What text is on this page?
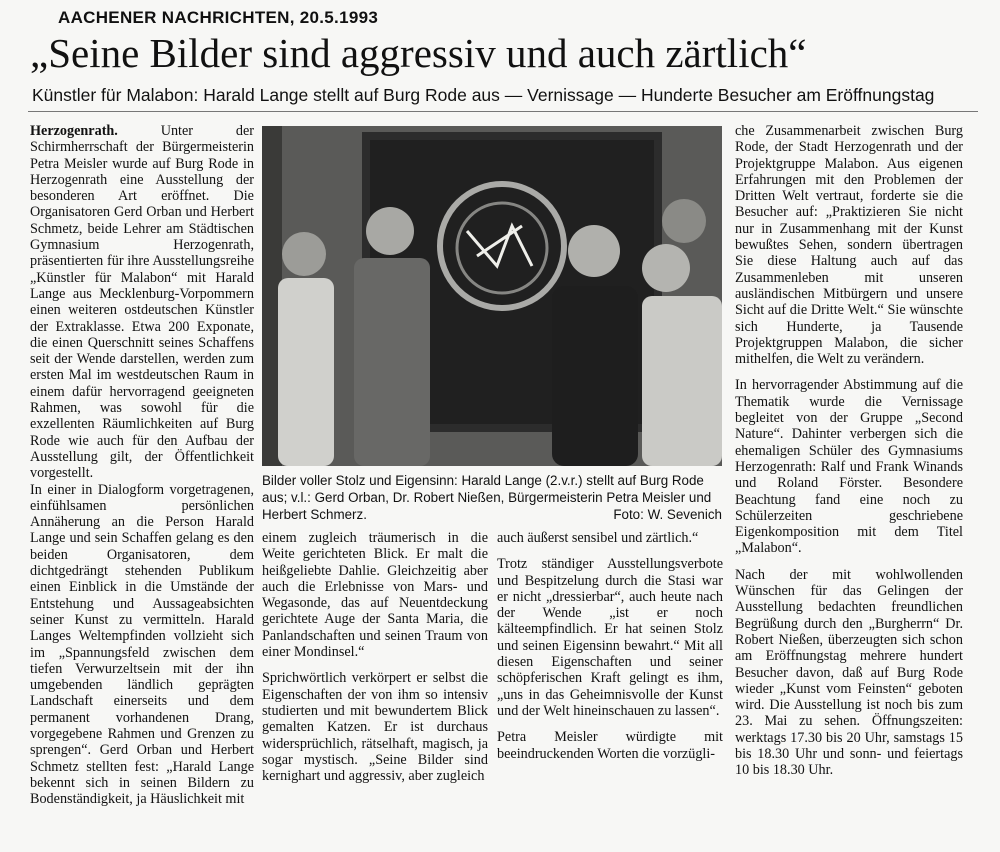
AACHENER NACHRICHTEN, 20.5.1993
„Seine Bilder sind aggressiv und auch zärtlich“
Künstler für Malabon: Harald Lange stellt auf Burg Rode aus — Vernissage — Hunderte Besucher am Eröffnungstag

Herzogenrath.	Unter der Schirmherrschaft der Bürgermeisterin Petra Meisler wurde auf Burg Rode in Herzogenrath eine Ausstellung der besonderen Art eröffnet. Die Organisatoren Gerd Orban und Herbert Schmetz, beide Lehrer am Städtischen Gymnasium Herzogenrath, präsentierten für ihre Ausstellungsreihe „Künstler für Malabon“ mit Harald Lange aus Mecklenburg-Vorpommern einen weiteren ostdeutschen Künstler der Extraklasse. Etwa 200 Exponate, die einen Querschnitt seines Schaffens seit der Wende darstellen, werden zum ersten Mal im westdeutschen Raum in einem dafür hervorragend geeigneten Rahmen, was sowohl für die exzellenten Räumlichkeiten auf Burg Rode wie auch für den Aufbau der Ausstellung gilt, der Öffentlichkeit vorgestellt.

In einer in Dialogform vorgetragenen, einfühlsamen persönlichen Annäherung an die Person Harald Lange und sein Schaffen gelang es den beiden Organisatoren, dem dichtgedrängt stehenden Publikum einen Einblick in die Umstände der Entstehung und Aussageabsichten seiner Kunst zu vermitteln. Harald Langes Weltempfinden vollzieht sich im „Spannungsfeld zwischen dem tiefen Verwurzeltsein mit der ihn umgebenden ländlich geprägten Landschaft einerseits und dem permanent vorhandenen Drang, vorgegebene Rahmen und Grenzen zu sprengen“. Gerd Orban und Herbert Schmetz stellten fest: „Harald Lange bekennt sich in seinen Bildern zu Bodenständigkeit, ja Häuslichkeit mit

Bilder voller Stolz und Eigensinn: Harald Lange (2.v.r.) stellt auf Burg Rode aus; v.l.: Gerd Orban, Dr. Robert Nießen, Bürgermeisterin Petra Meisler und Herbert Schmerz.	Foto: W. Sevenich

einem zugleich träumerisch in die Weite gerichteten Blick. Er malt die heißgeliebte Dahlie. Gleichzeitig aber auch die Erlebnisse von Mars- und Wegasonde, das auf Neuentdeckung gerichtete Auge der Santa Maria, die Panlandschaften und seinen Traum von einer Mondinsel.“

Sprichwörtlich verkörpert er selbst die Eigenschaften der von ihm so intensiv studierten und mit bewundertem Blick gemalten Katzen. Er ist durchaus widersprüchlich, rätselhaft, magisch, ja sogar mystisch. „Seine Bilder sind kernighart und aggressiv, aber zugleich

auch äußerst sensibel und zärtlich.“

Trotz ständiger Ausstellungsverbote und Bespitzelung durch die Stasi war er nicht „dressierbar“, auch heute nach der Wende „ist er noch kälteempfindlich. Er hat seinen Stolz und seinen Eigensinn bewahrt.“ Mit all diesen Eigenschaften und seiner schöpferischen Kraft gelingt es ihm, „uns in das Geheimnisvolle der Kunst und der Welt hineinschauen zu lassen“.

Petra Meisler würdigte mit beeindruckenden Worten die vorzügli-

che Zusammenarbeit zwischen Burg Rode, der Stadt Herzogenrath und der Projektgruppe Malabon. Aus eigenen Erfahrungen mit den Problemen der Dritten Welt vertraut, forderte sie die Besucher auf: „Praktizieren Sie nicht nur in Zusammenhang mit der Kunst bewußtes Sehen, sondern übertragen Sie diese Haltung auch auf das Zusammenleben mit unseren ausländischen Mitbürgern und unsere Sicht auf die Dritte Welt.“ Sie wünschte sich Hunderte, ja Tausende Projektgruppen Malabon, die sicher mithelfen, die Welt zu verändern.

In hervorragender Abstimmung auf die Thematik wurde die Vernissage begleitet von der Gruppe „Second Nature“. Dahinter verbergen sich die ehemaligen Schüler des Gymnasiums Herzogenrath: Ralf und Frank Winands und Roland Förster. Besondere Beachtung fand eine noch zu Schülerzeiten geschriebene Eigenkomposition mit dem Titel „Malabon“.

Nach der mit wohlwollenden Wünschen für das Gelingen der Ausstellung bedachten freundlichen Begrüßung durch den „Burgherrn“ Dr. Robert Nießen, überzeugten sich schon am Eröffnungstag mehrere hundert Besucher davon, daß auf Burg Rode wieder „Kunst vom Feinsten“ geboten wird. Die Ausstellung ist noch bis zum 23. Mai zu sehen. Öffnungszeiten: werktags 17.30 bis 20 Uhr, samstags 15 bis 18.30 Uhr und sonn- und feiertags 10 bis 18.30 Uhr.
